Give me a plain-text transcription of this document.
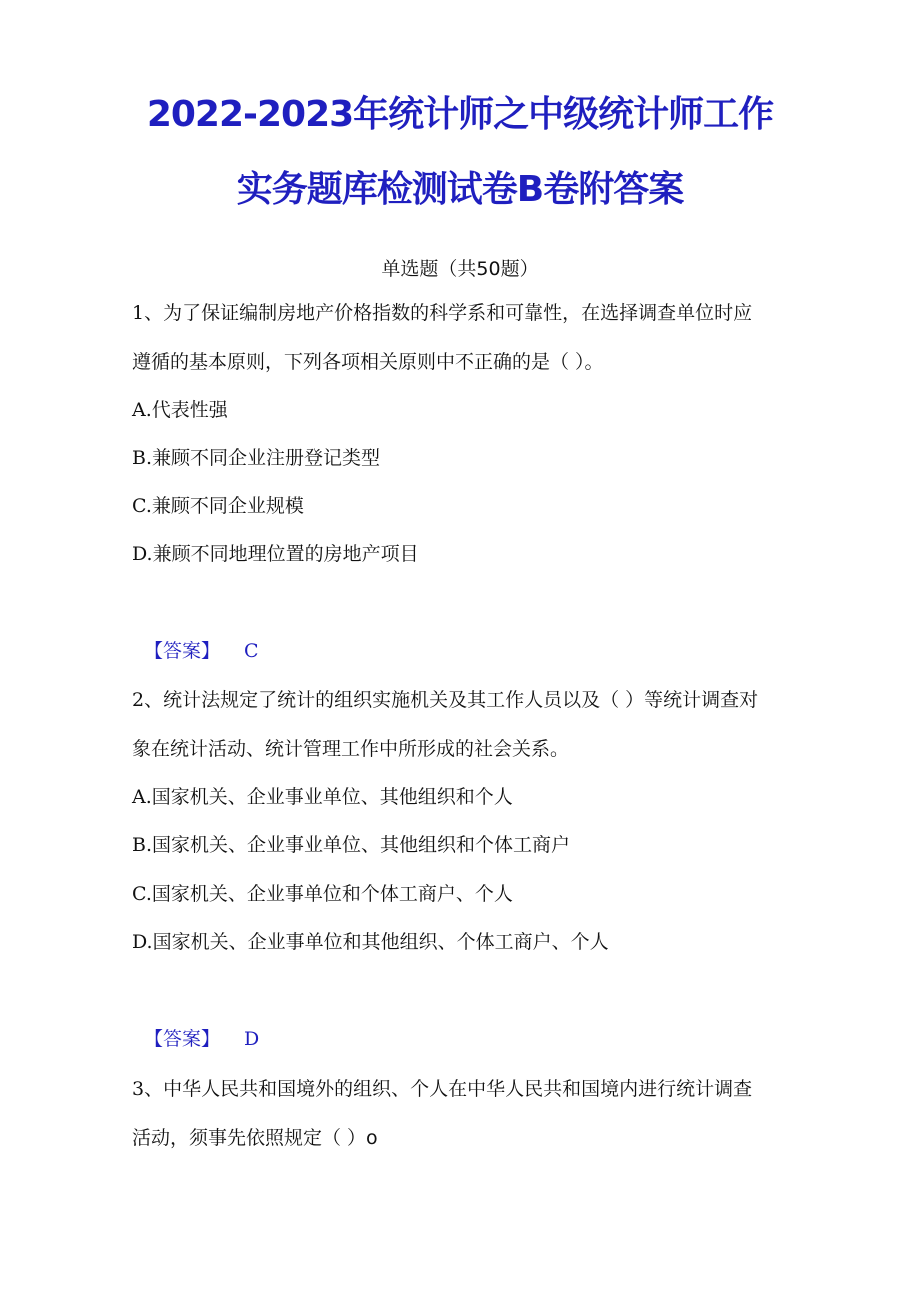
2022-2023年统计师之中级统计师工作
实务题库检测试卷B卷附答案
单选题（共50题）
1、为了保证编制房地产价格指数的科学系和可靠性，在选择调查单位时应
遵循的基本原则，下列各项相关原则中不正确的是（ ）。
A.代表性强
B.兼顾不同企业注册登记类型
C.兼顾不同企业规模
D.兼顾不同地理位置的房地产项目
【答案】 C
2、统计法规定了统计的组织实施机关及其工作人员以及（ ）等统计调查对
象在统计活动、统计管理工作中所形成的社会关系。
A.国家机关、企业事业单位、其他组织和个人
B.国家机关、企业事业单位、其他组织和个体工商户
C.国家机关、企业事单位和个体工商户、个人
D.国家机关、企业事单位和其他组织、个体工商户、个人
【答案】 D
3、中华人民共和国境外的组织、个人在中华人民共和国境内进行统计调查
活动，须事先依照规定（ ）o
